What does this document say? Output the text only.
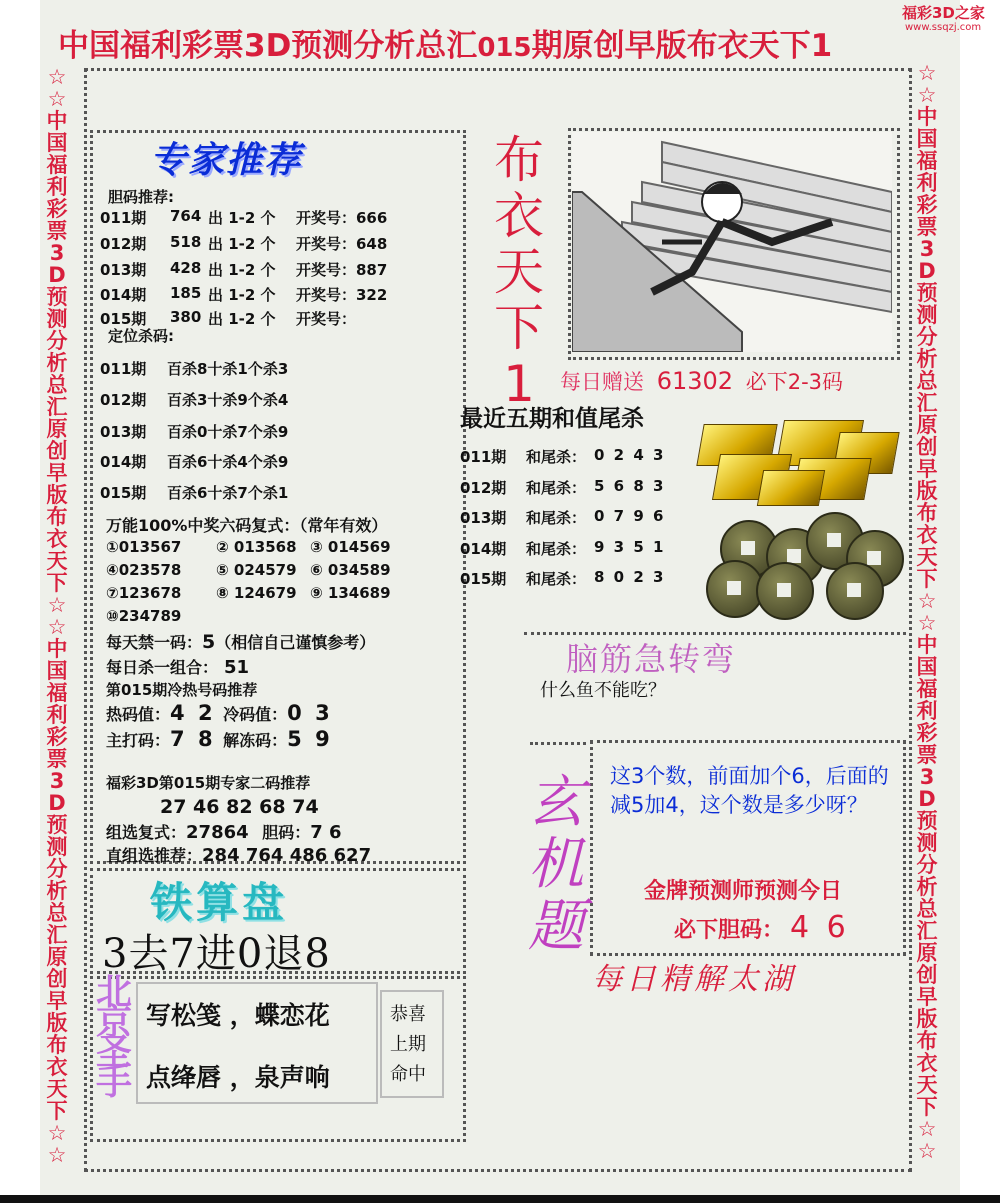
中国福利彩票3D预测分析总汇015期原创早版布衣天下1
福彩3D之家
www.ssqzj.com
☆☆中国福利彩票3D预测分析总汇原创早版布衣天下☆☆中国福利彩票3D预测分析总汇原创早版布衣天下☆☆
☆☆中国福利彩票3D预测分析总汇原创早版布衣天下☆☆中国福利彩票3D预测分析总汇原创早版布衣天下☆☆
专家推荐
胆码推荐:
011期 764 出 1-2 个 开奖号：666
012期 518 出 1-2 个 开奖号：648
013期 428 出 1-2 个 开奖号：887
014期 185 出 1-2 个 开奖号：322
015期 380 出 1-2 个 开奖号：
定位杀码:
011期 百杀8十杀1个杀3
012期 百杀3十杀9个杀4
013期 百杀0十杀7个杀9
014期 百杀6十杀4个杀9
015期 百杀6十杀7个杀1
万能100%中奖六码复式：（常年有效）
①013567 ② 013568 ③ 014569
④023578 ⑤ 024579 ⑥ 034589
⑦123678 ⑧ 124679 ⑨ 134689
⑩234789
每天禁一码：5（相信自己谨慎参考）
每日杀一组合： 51
第015期冷热号码推荐
热码值：4 2 冷码值：0 3
主打码：7 8 解冻码：5 9
福彩3D第015期专家二码推荐
27 46 82 68 74
组选复式：27864 胆码：7 6
直组选推荐：284 764 486 627
铁算盘
3去7进0退8
北京圣手
写松笺 ，蝶恋花
点绛唇 ，泉声响
恭喜
上期
命中
布衣天下1	每日赠送 61302 必下2-3码
最近五期和值尾杀
011期 和尾杀： 0 2 4 3
012期 和尾杀： 5 6 8 3
013期 和尾杀： 0 7 9 6
014期 和尾杀： 9 3 5 1
015期 和尾杀： 8 0 2 3
脑筋急转弯
什么鱼不能吃？
玄机题
这3个数，前面加个6，后面的减5加4，这个数是多少呀？
金牌预测师预测今日
必下胆码： 4 6
每日精解太湖
